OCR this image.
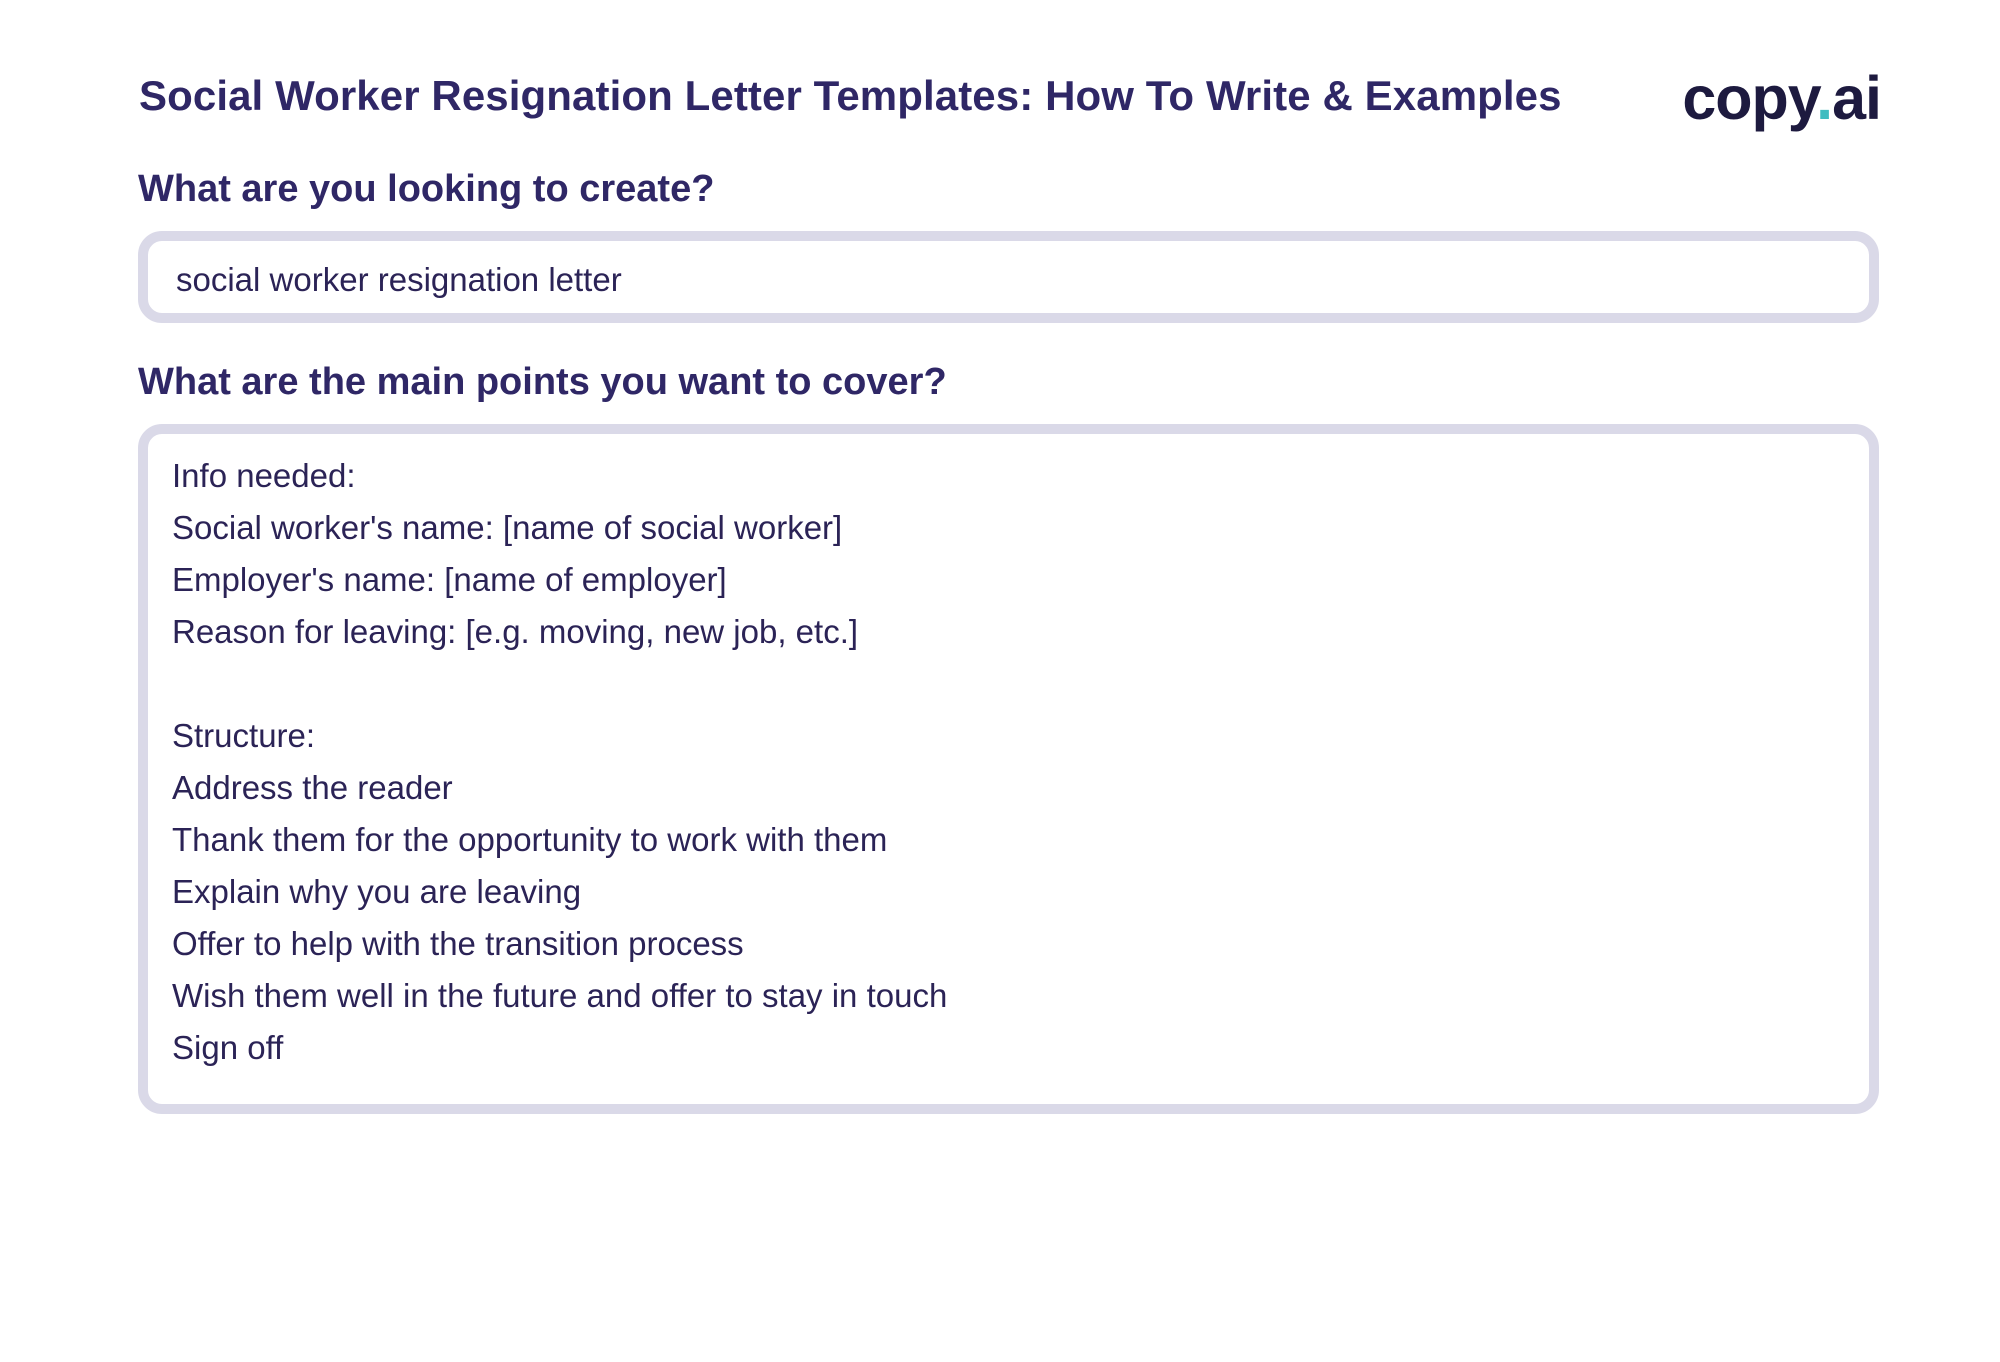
Social Worker Resignation Letter Templates: How To Write & Examples copy.ai
What are you looking to create?
social worker resignation letter
What are the main points you want to cover?
Info needed:
Social worker's name: [name of social worker]
Employer's name: [name of employer]
Reason for leaving: [e.g. moving, new job, etc.]
Structure:
Address the reader
Thank them for the opportunity to work with them
Explain why you are leaving
Offer to help with the transition process
Wish them well in the future and offer to stay in touch
Sign off
